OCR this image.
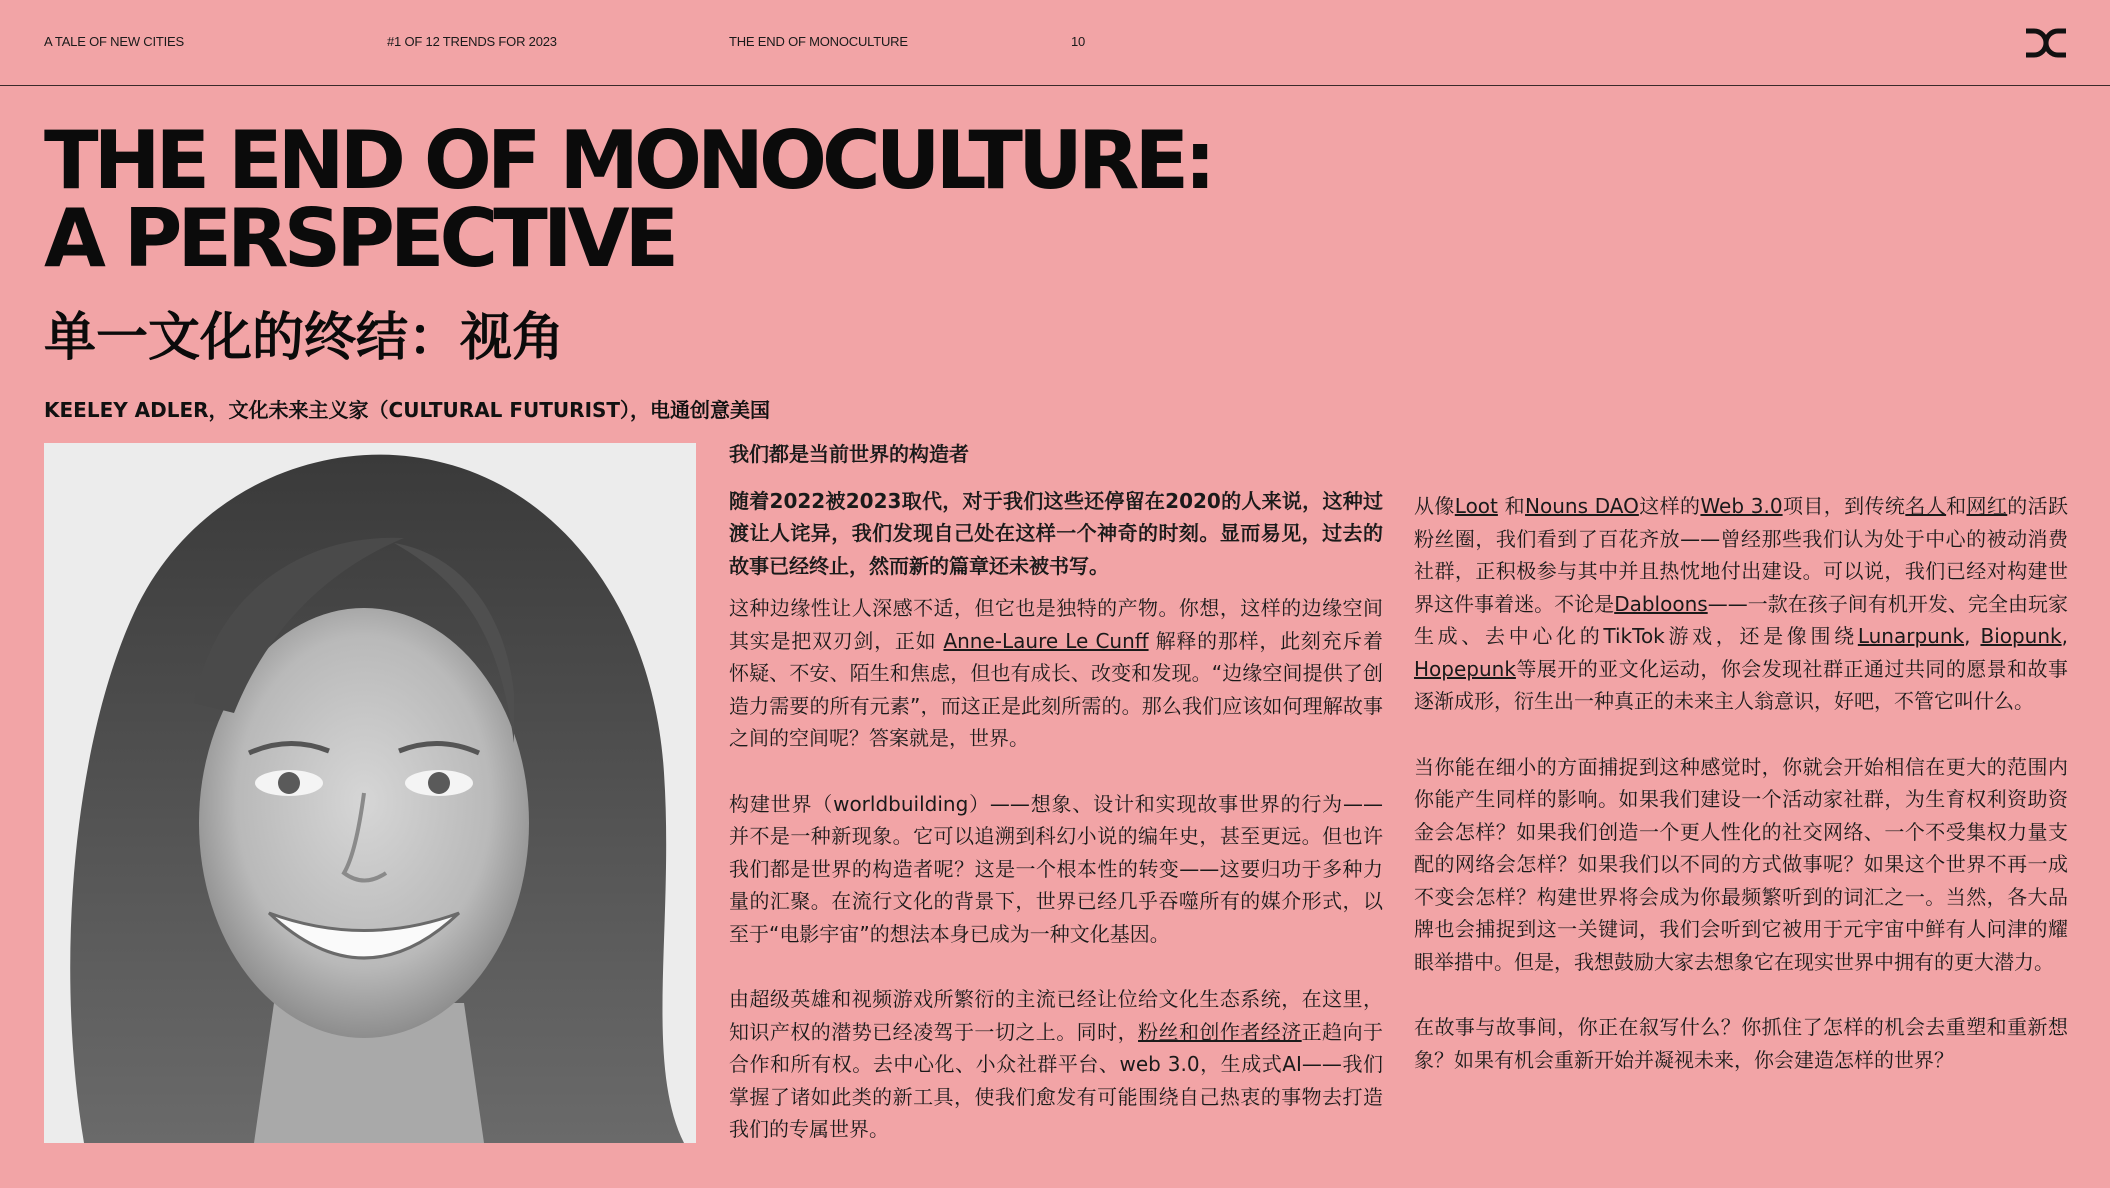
A TALE OF NEW CITIES	#1 OF 12 TRENDS FOR 2023	THE END OF MONOCULTURE	10
THE END OF MONOCULTURE:
A PERSPECTIVE
单一文化的终结：视角
KEELEY ADLER，文化未来主义家（CULTURAL FUTURIST），电通创意美国

我们都是当前世界的构造者

随着2022被2023取代，对于我们这些还停留在2020的人来说，这种过渡让人诧异，我们发现自己处在这样一个神奇的时刻。显而易见，过去的故事已经终止，然而新的篇章还未被书写。

这种边缘性让人深感不适，但它也是独特的产物。你想，这样的边缘空间其实是把双刃剑，正如 Anne-Laure Le Cunff 解释的那样，此刻充斥着怀疑、不安、陌生和焦虑，但也有成长、改变和发现。“边缘空间提供了创造力需要的所有元素”，而这正是此刻所需的。那么我们应该如何理解故事之间的空间呢？答案就是，世界。

构建世界（worldbuilding）——想象、设计和实现故事世界的行为——并不是一种新现象。它可以追溯到科幻小说的编年史，甚至更远。但也许我们都是世界的构造者呢？这是一个根本性的转变——这要归功于多种力量的汇聚。在流行文化的背景下，世界已经几乎吞噬所有的媒介形式，以至于“电影宇宙”的想法本身已成为一种文化基因。

由超级英雄和视频游戏所繁衍的主流已经让位给文化生态系统，在这里，知识产权的潜势已经凌驾于一切之上。同时，粉丝和创作者经济正趋向于合作和所有权。去中心化、小众社群平台、web 3.0，生成式AI——我们掌握了诸如此类的新工具，使我们愈发有可能围绕自己热衷的事物去打造我们的专属世界。

从像Loot 和Nouns DAO这样的Web 3.0项目，到传统名人和网红的活跃粉丝圈，我们看到了百花齐放——曾经那些我们认为处于中心的被动消费社群，正积极参与其中并且热忱地付出建设。可以说，我们已经对构建世界这件事着迷。不论是Dabloons——一款在孩子间有机开发、完全由玩家生成、去中心化的TikTok游戏，还是像围绕Lunarpunk, Biopunk, Hopepunk等展开的亚文化运动，你会发现社群正通过共同的愿景和故事逐渐成形，衍生出一种真正的未来主人翁意识，好吧，不管它叫什么。

当你能在细小的方面捕捉到这种感觉时，你就会开始相信在更大的范围内你能产生同样的影响。如果我们建设一个活动家社群，为生育权利资助资金会怎样？如果我们创造一个更人性化的社交网络、一个不受集权力量支配的网络会怎样？如果我们以不同的方式做事呢？如果这个世界不再一成不变会怎样？构建世界将会成为你最频繁听到的词汇之一。当然，各大品牌也会捕捉到这一关键词，我们会听到它被用于元宇宙中鲜有人问津的耀眼举措中。但是，我想鼓励大家去想象它在现实世界中拥有的更大潜力。

在故事与故事间，你正在叙写什么？你抓住了怎样的机会去重塑和重新想象？如果有机会重新开始并凝视未来，你会建造怎样的世界？
